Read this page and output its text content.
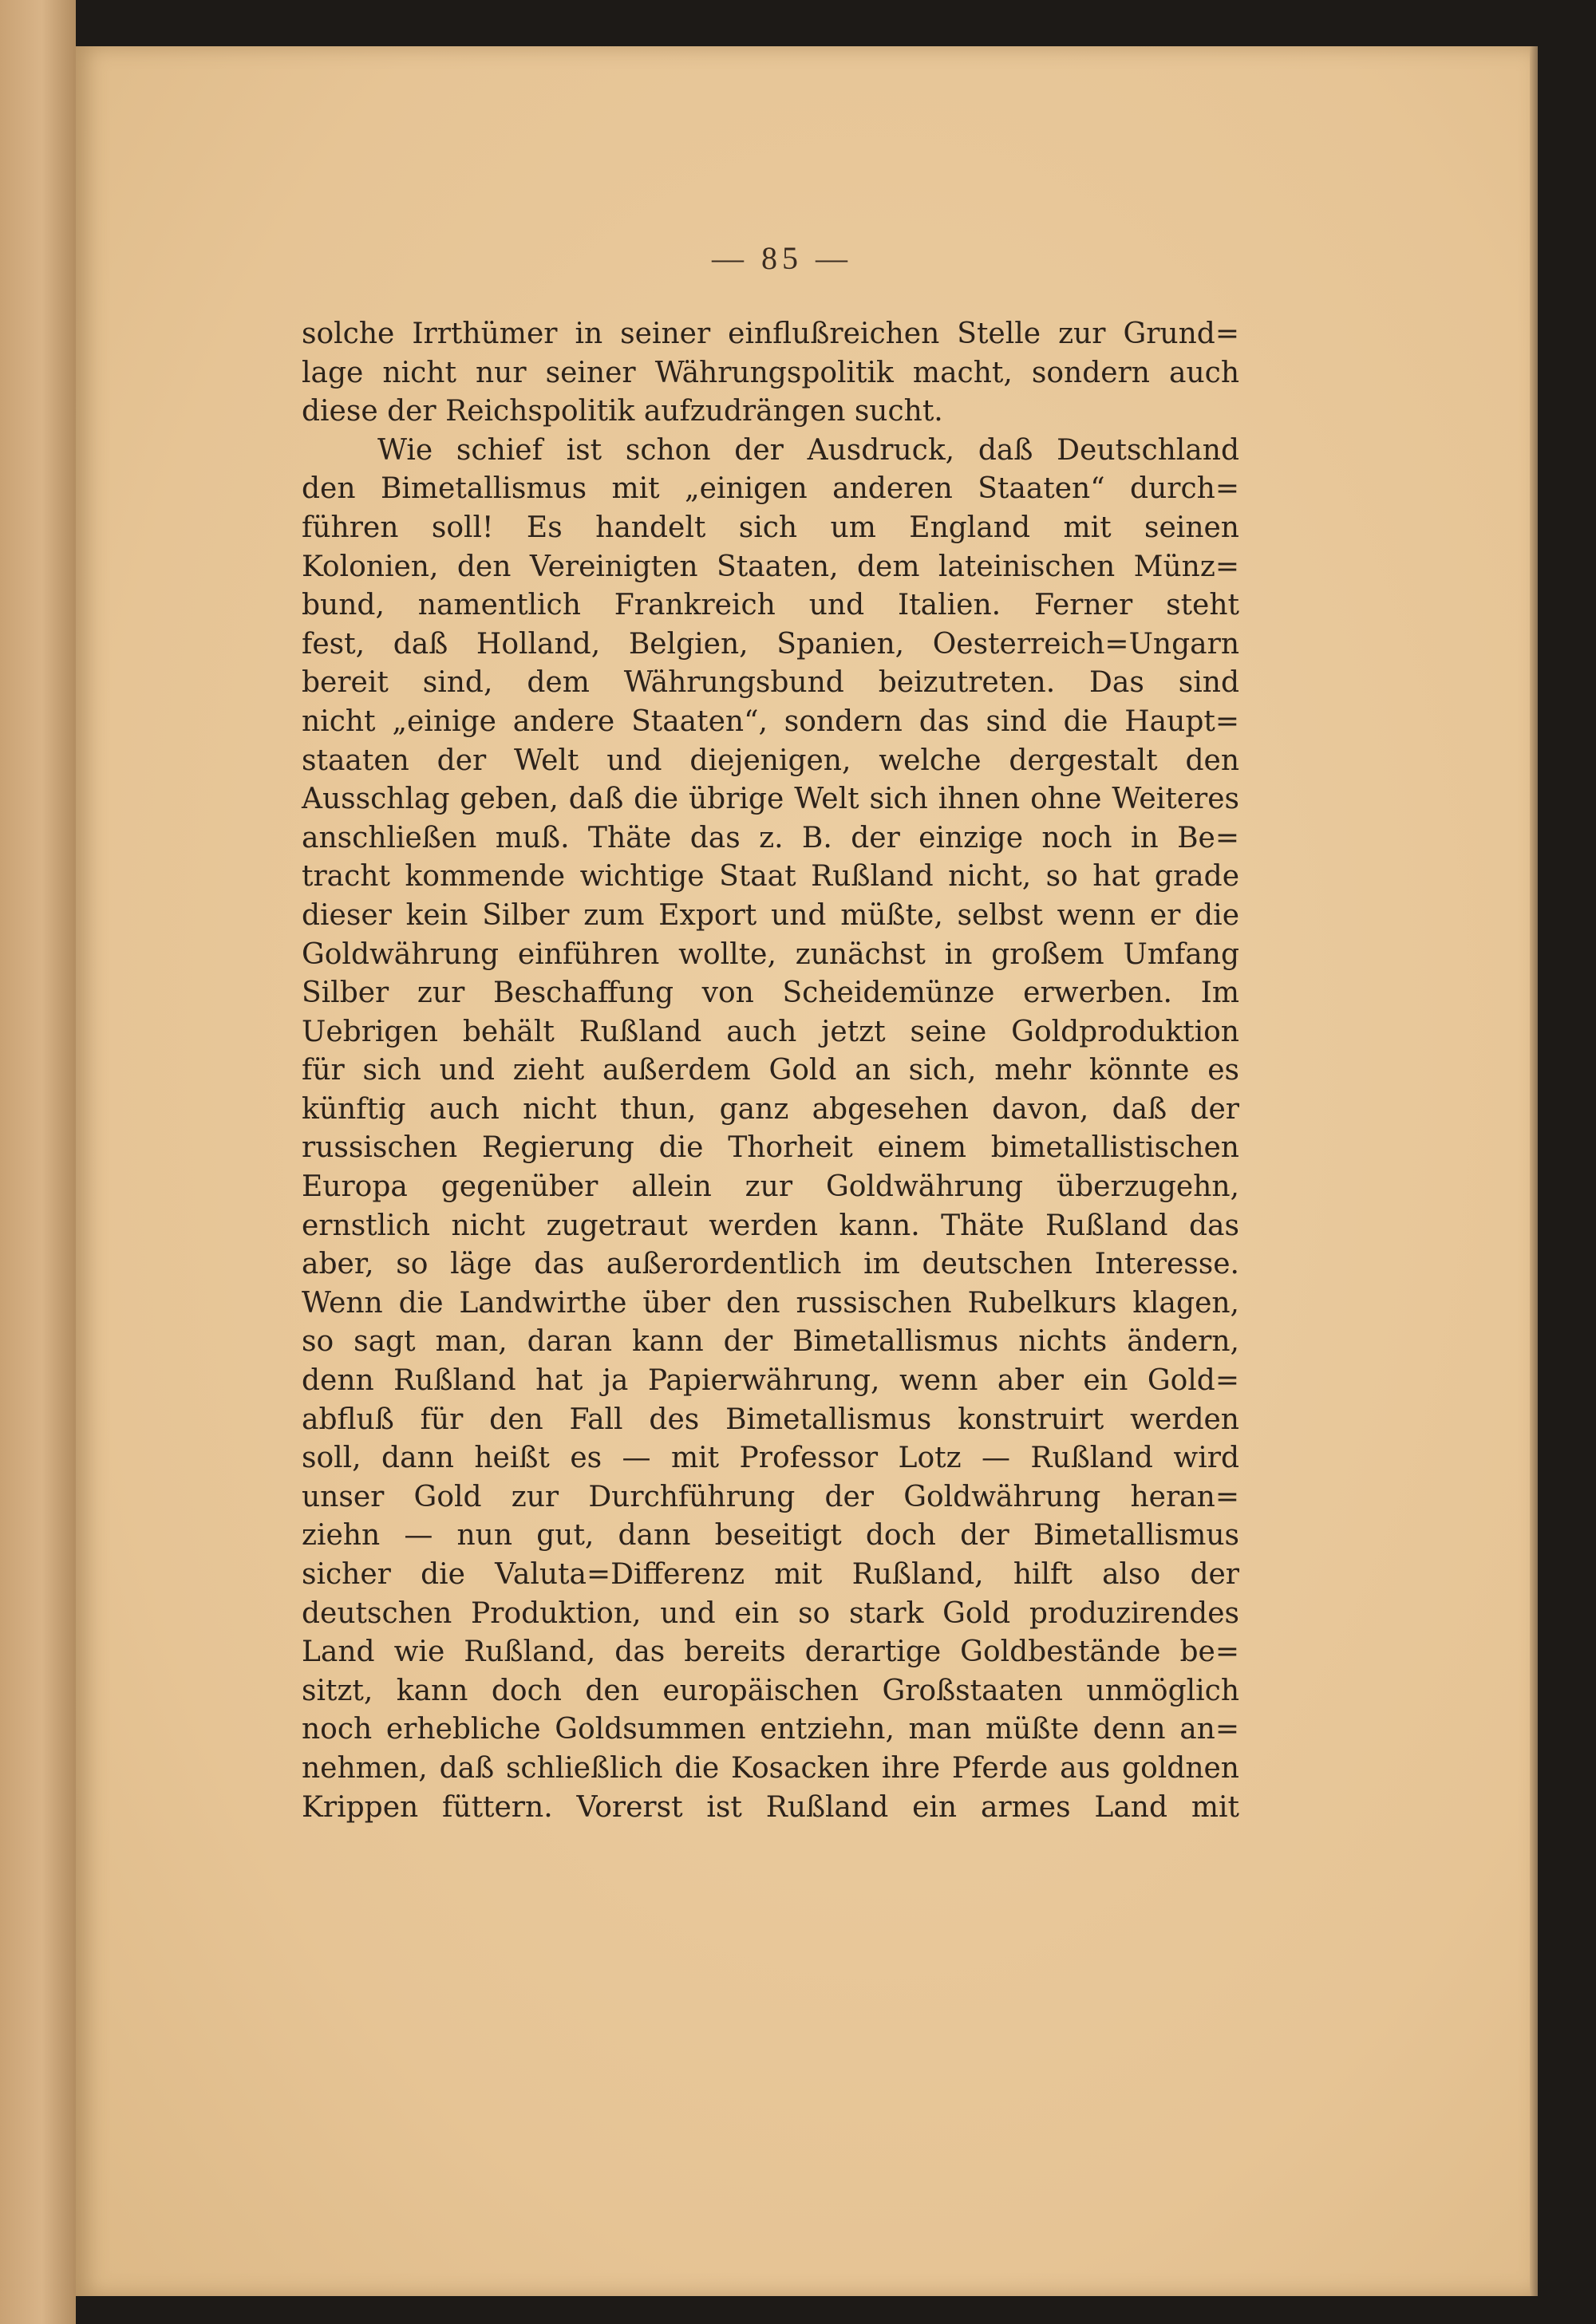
— 85 —
solche Irrthümer in seiner einflußreichen Stelle zur Grund=
lage nicht nur seiner Währungspolitik macht, sondern auch
diese der Reichspolitik aufzudrängen sucht.
Wie schief ist schon der Ausdruck, daß Deutschland
den Bimetallismus mit „einigen anderen Staaten“ durch=
führen soll! Es handelt sich um England mit seinen
Kolonien, den Vereinigten Staaten, dem lateinischen Münz=
bund, namentlich Frankreich und Italien. Ferner steht
fest, daß Holland, Belgien, Spanien, Oesterreich=Ungarn
bereit sind, dem Währungsbund beizutreten. Das sind
nicht „einige andere Staaten“, sondern das sind die Haupt=
staaten der Welt und diejenigen, welche dergestalt den
Ausschlag geben, daß die übrige Welt sich ihnen ohne Weiteres
anschließen muß. Thäte das z. B. der einzige noch in Be=
tracht kommende wichtige Staat Rußland nicht, so hat grade
dieser kein Silber zum Export und müßte, selbst wenn er die
Goldwährung einführen wollte, zunächst in großem Umfang
Silber zur Beschaffung von Scheidemünze erwerben. Im
Uebrigen behält Rußland auch jetzt seine Goldproduktion
für sich und zieht außerdem Gold an sich, mehr könnte es
künftig auch nicht thun, ganz abgesehen davon, daß der
russischen Regierung die Thorheit einem bimetallistischen
Europa gegenüber allein zur Goldwährung überzugehn,
ernstlich nicht zugetraut werden kann. Thäte Rußland das
aber, so läge das außerordentlich im deutschen Interesse.
Wenn die Landwirthe über den russischen Rubelkurs klagen,
so sagt man, daran kann der Bimetallismus nichts ändern,
denn Rußland hat ja Papierwährung, wenn aber ein Gold=
abfluß für den Fall des Bimetallismus konstruirt werden
soll, dann heißt es — mit Professor Lotz — Rußland wird
unser Gold zur Durchführung der Goldwährung heran=
ziehn — nun gut, dann beseitigt doch der Bimetallismus
sicher die Valuta=Differenz mit Rußland, hilft also der
deutschen Produktion, und ein so stark Gold produzirendes
Land wie Rußland, das bereits derartige Goldbestände be=
sitzt, kann doch den europäischen Großstaaten unmöglich
noch erhebliche Goldsummen entziehn, man müßte denn an=
nehmen, daß schließlich die Kosacken ihre Pferde aus goldnen
Krippen füttern. Vorerst ist Rußland ein armes Land mit
